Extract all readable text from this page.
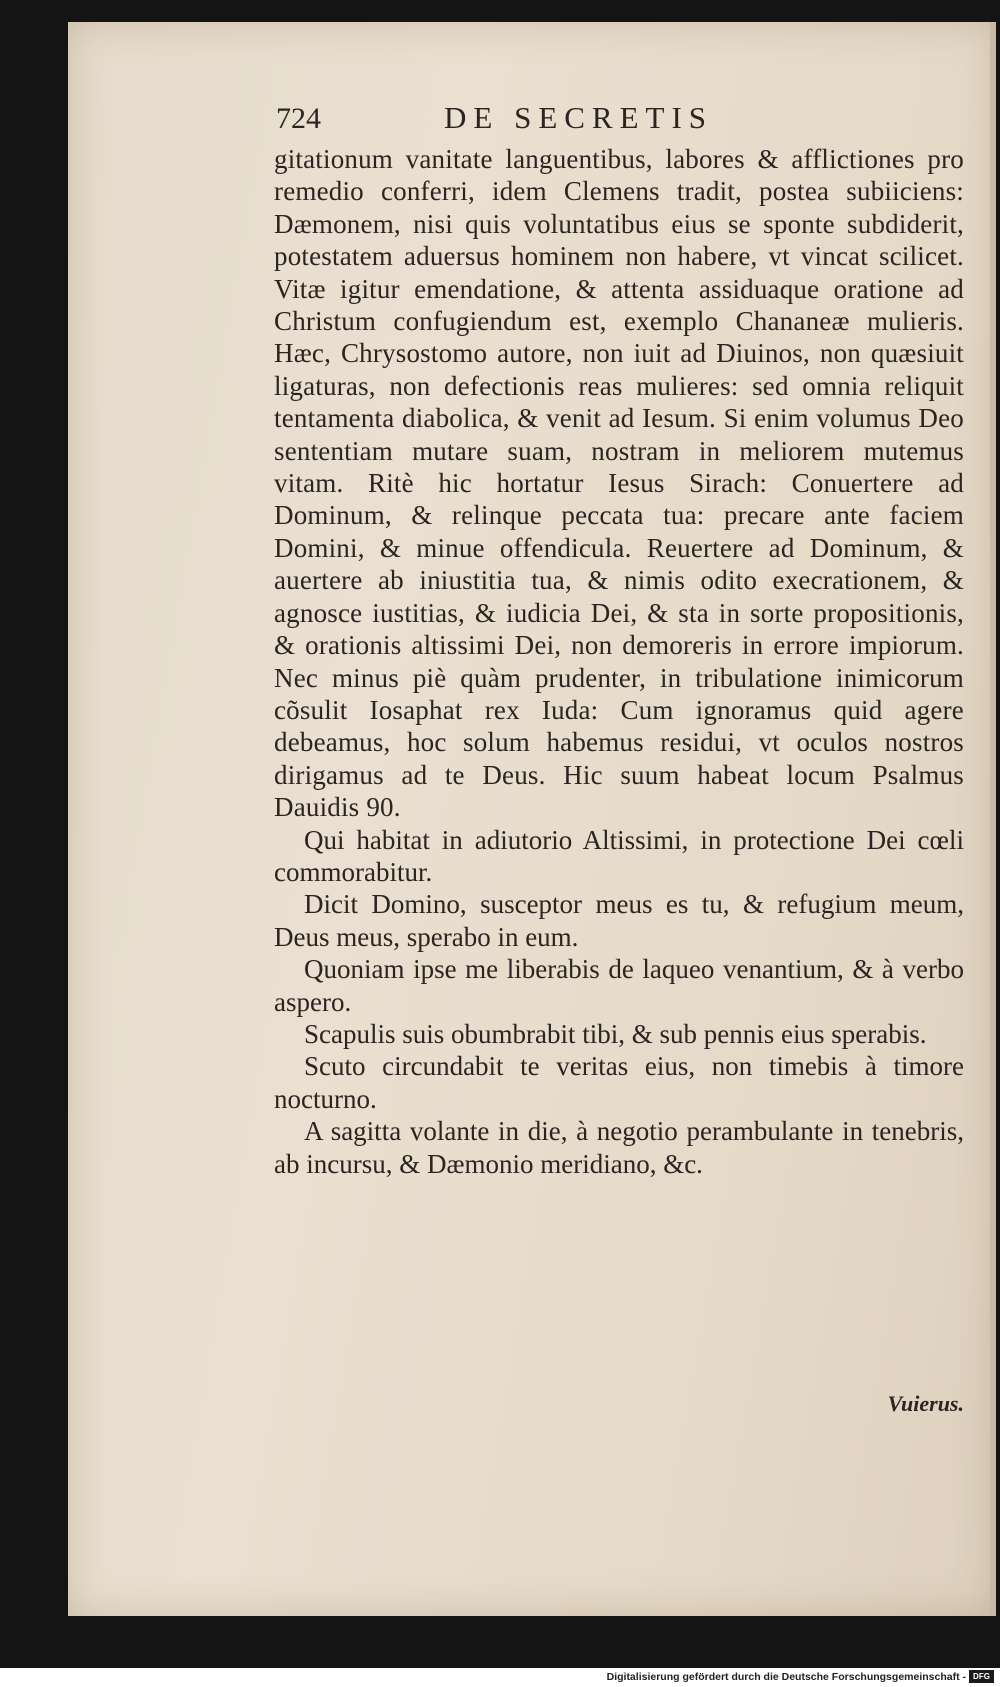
724	DE SECRETIS

gitationum vanitate languentibus, labores & afflictiones pro remedio conferri, idem Clemens tradit, postea subiiciens: Dæmonem, nisi quis voluntatibus eius se sponte subdiderit, potestatem aduersus hominem non habere, vt vincat scilicet. Vitæ igitur emendatione, & attenta assiduaque oratione ad Christum confugiendum est, exemplo Chananeæ mulieris. Hæc, Chrysostomo autore, non iuit ad Diuinos, non quæsiuit ligaturas, non defectionis reas mulieres: sed omnia reliquit tentamenta diabolica, & venit ad Iesum. Si enim volumus Deo sententiam mutare suam, nostram in meliorem mutemus vitam. Ritè hic hortatur Iesus Sirach: Conuertere ad Dominum, & relinque peccata tua: precare ante faciem Domini, & minue offendicula. Reuertere ad Dominum, & auertere ab iniustitia tua, & nimis odito execrationem, & agnosce iustitias, & iudicia Dei, & sta in sorte propositionis, & orationis altissimi Dei, non demoreris in errore impiorum. Nec minus piè quàm prudenter, in tribulatione inimicorum cõsulit Iosaphat rex Iuda: Cum ignoramus quid agere debeamus, hoc solum habemus residui, vt oculos nostros dirigamus ad te Deus. Hic suum habeat locum Psalmus Dauidis 90.

Qui habitat in adiutorio Altissimi, in protectione Dei cœli commorabitur.

Dicit Domino, susceptor meus es tu, & refugium meum, Deus meus, sperabo in eum.

Quoniam ipse me liberabis de laqueo venantium, & à verbo aspero.

Scapulis suis obumbrabit tibi, & sub pennis eius sperabis.

Scuto circundabit te veritas eius, non timebis à timore nocturno.

A sagitta volante in die, à negotio perambulante in tenebris, ab incursu, & Dæmonio meridiano, &c.

Vuierus.
Digitalisierung gefördert durch die Deutsche Forschungsgemeinschaft - DFG
